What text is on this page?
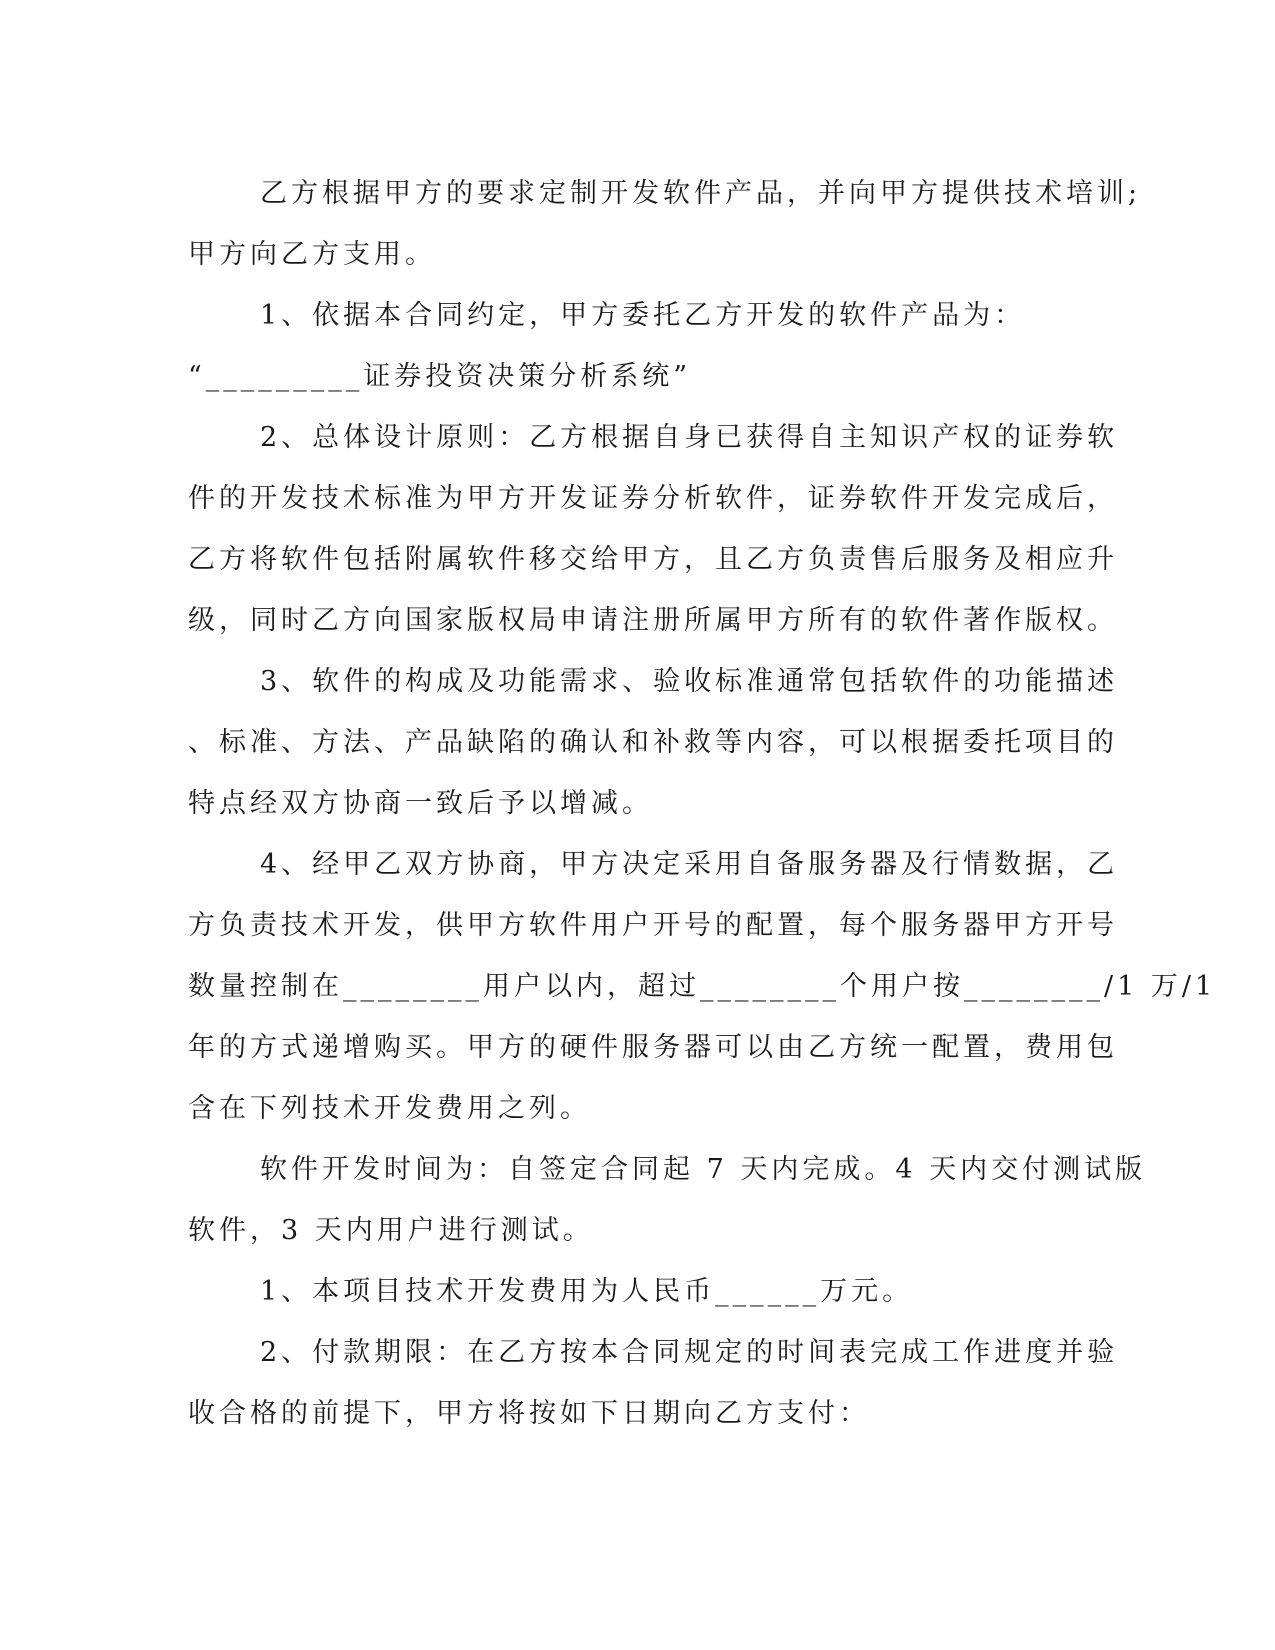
乙方根据甲方的要求定制开发软件产品，并向甲方提供技术培训;
甲方向乙方支用。
1、依据本合同约定，甲方委托乙方开发的软件产品为：
“_________证券投资决策分析系统”
2、总体设计原则：乙方根据自身已获得自主知识产权的证券软
件的开发技术标准为甲方开发证券分析软件，证券软件开发完成后，
乙方将软件包括附属软件移交给甲方，且乙方负责售后服务及相应升
级，同时乙方向国家版权局申请注册所属甲方所有的软件著作版权。
3、软件的构成及功能需求、验收标准通常包括软件的功能描述
、标准、方法、产品缺陷的确认和补救等内容，可以根据委托项目的
特点经双方协商一致后予以增减。
4、经甲乙双方协商，甲方决定采用自备服务器及行情数据，乙
方负责技术开发，供甲方软件用户开号的配置，每个服务器甲方开号
数量控制在________用户以内，超过________个用户按________/1 万/1
年的方式递增购买。甲方的硬件服务器可以由乙方统一配置，费用包
含在下列技术开发费用之列。
软件开发时间为：自签定合同起 7 天内完成。4 天内交付测试版
软件，3 天内用户进行测试。
1、本项目技术开发费用为人民币______万元。
2、付款期限：在乙方按本合同规定的时间表完成工作进度并验
收合格的前提下，甲方将按如下日期向乙方支付：
